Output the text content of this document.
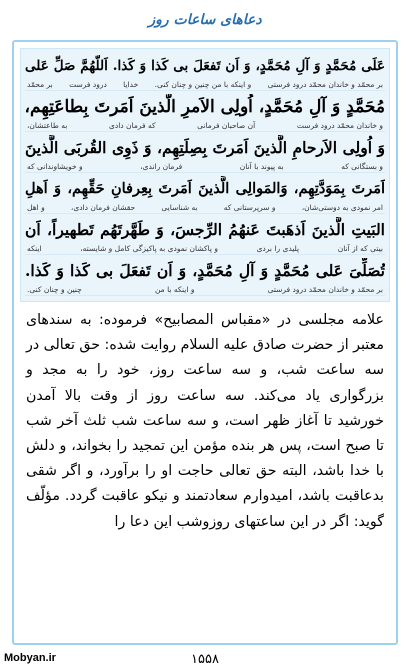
دعاهای ساعات روز
عَلَی مُحَمَّدٍ وَ آلِ مُحَمَّدٍ، وَ اَن تَفعَلَ بی کَذا وَ کَذا. اَللّهُمَّ صَلِّ عَلی
بر محمّد و خاندان محمّد درود فرستی
و اینکه با من چنین و چنان کنی.
خدایا
درود فرست
بر محمّد
مُحَمَّدٍ وَ آلِ مُحَمَّدٍ، اُولِی الاَمرِ الَّذینَ اَمَرتَ بِطاعَتِهِم،
و خاندان محمّد درود فرست
آن صاحبان فرمانی
که فرمان دادی
به طاعتشان،
وَ اُولِی الاَرحامِ الَّذینَ اَمَرتَ بِصِلَتِهِم، وَ ذَوِی القُربَی الَّذینَ
و بستگانی که
به پیوند با آنان
فرمان راندی،
و خویشاوندانی که
اَمَرتَ بِمَوَدَّتِهِم، وَالمَوالِی الَّذینَ اَمَرتَ بِعِرفانِ حَقِّهِم، وَ اَهلِ
امر نمودی به دوستی‌شان،
و سرپرستانی که
به شناسایی
حقشان فرمان دادی،
و اهل
البَیتِ الَّذینَ اَذهَبتَ عَنهُمُ الرِّجسَ، وَ طَهَّرتَهُم تَطهیراً، اَن
بیتی که از آنان
پلیدی را بردی
و پاکشان نمودی به پاکیزگی کامل و شایسته،
اینکه
تُصَلِّیَ عَلی مُحَمَّدٍ وَ آلِ مُحَمَّدٍ، وَ اَن تَفعَلَ بی کَذا وَ کَذا.
بر محمّد و خاندان محمّد درود فرستی
و اینکه با من
چنین و چنان کنی.

علامه مجلسی در «مقباس المصابیح» فرموده: به سندهای معتبر از حضرت صادق علیه السلام روایت شده: حق تعالی در سه ساعت شب، و سه ساعت روز، خود را به مجد و بزرگواری یاد می‌کند. سه ساعت روز از وقت بالا آمدن خورشید تا آغاز ظهر است، و سه ساعت شب ثلث آخر شب تا صبح است، پس هر بنده مؤمن این تمجید را بخواند، و دلش با خدا باشد، البته حق تعالی حاجت او را برآورد، و اگر شقی بدعاقبت باشد، امیدوارم سعادتمند و نیکو عاقبت گردد. مؤلّف گوید: اگر در این ساعتهای روزوشب این دعا را

Mobyan.ir	۱۵۵۸
